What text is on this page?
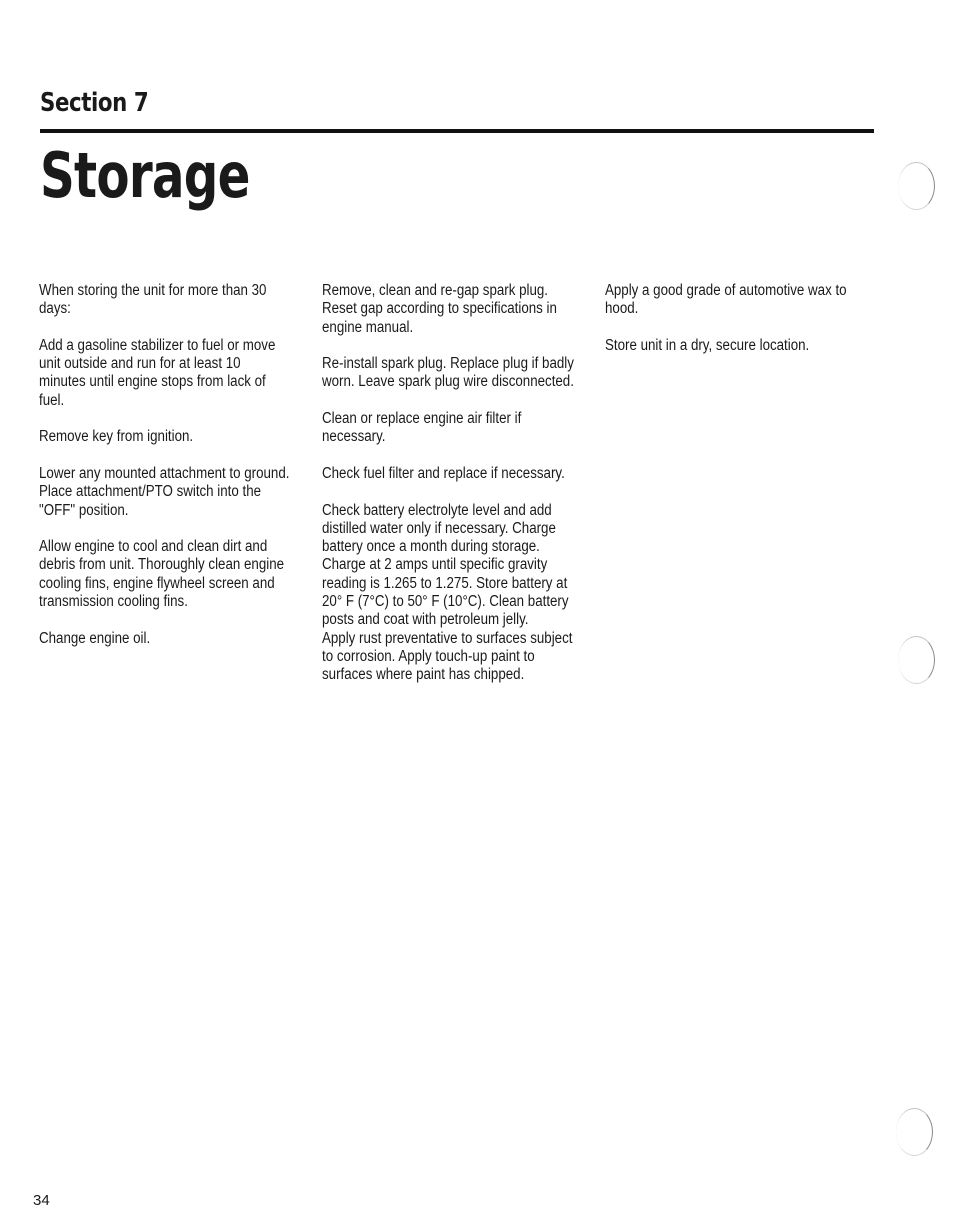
Section 7
Storage

When storing the unit for more than 30
days:

Add a gasoline stabilizer to fuel or move
unit outside and run for at least 10
minutes until engine stops from lack of
fuel.

Remove key from ignition.

Lower any mounted attachment to ground.
Place attachment/PTO switch into the
"OFF" position.

Allow engine to cool and clean dirt and
debris from unit. Thoroughly clean engine
cooling fins, engine flywheel screen and
transmission cooling fins.

Change engine oil.

Remove, clean and re-gap spark plug.
Reset gap according to specifications in
engine manual.

Re-install spark plug. Replace plug if badly
worn. Leave spark plug wire disconnected.

Clean or replace engine air filter if
necessary.

Check fuel filter and replace if necessary.

Check battery electrolyte level and add
distilled water only if necessary. Charge
battery once a month during storage.
Charge at 2 amps until specific gravity
reading is 1.265 to 1.275. Store battery at
20° F (7°C) to 50° F (10°C). Clean battery
posts and coat with petroleum jelly.

Apply rust preventative to surfaces subject
to corrosion. Apply touch-up paint to
surfaces where paint has chipped.

Apply a good grade of automotive wax to
hood.

Store unit in a dry, secure location.

34
